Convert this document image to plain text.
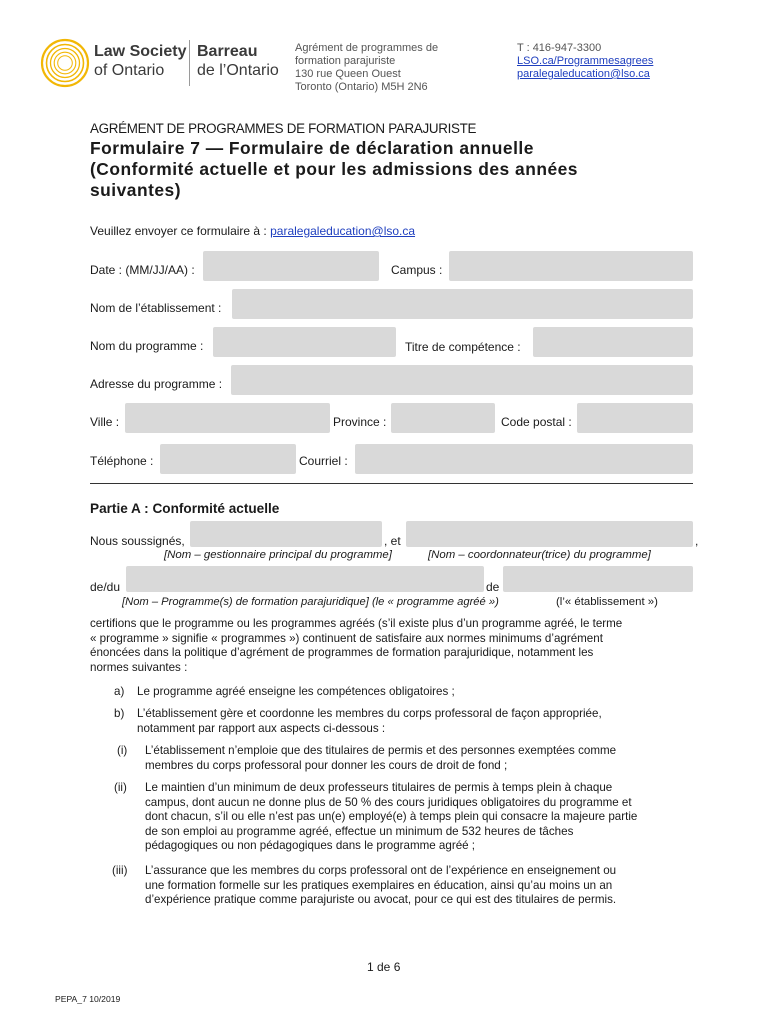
Law Society
of Ontario
Barreau
de l’Ontario
Agrément de programmes de
formation parajuriste
130 rue Queen Ouest
Toronto (Ontario) M5H 2N6
T : 416-947-3300
LSO.ca/Programmesagrees
paralegaleducation@lso.ca
AGRÉMENT DE PROGRAMMES DE FORMATION PARAJURISTE
Formulaire 7 — Formulaire de déclaration annuelle
(Conformité actuelle et pour les admissions des années
suivantes)
Veuillez envoyer ce formulaire à : paralegaleducation@lso.ca
Date : (MM/JJ/AA) :	Campus :
Nom de l’établissement :
Nom du programme :	Titre de compétence :
Adresse du programme :
Ville :	Province :	Code postal :
Téléphone :	Courriel :
Partie A : Conformité actuelle
Nous soussignés,	, et	,
[Nom – gestionnaire principal du programme]	[Nom – coordonnateur(trice) du programme]
de/du	de
[Nom – Programme(s) de formation parajuridique] (le « programme agréé »)	(l’« établissement »)
certifions que le programme ou les programmes agréés (s’il existe plus d’un programme agréé, le terme
« programme » signifie « programmes ») continuent de satisfaire aux normes minimums d’agrément
énoncées dans la politique d’agrément de programmes de formation parajuridique, notamment les
normes suivantes :
a) Le programme agréé enseigne les compétences obligatoires ;
b) L’établissement gère et coordonne les membres du corps professoral de façon appropriée,
notamment par rapport aux aspects ci-dessous :
(i) L’établissement n’emploie que des titulaires de permis et des personnes exemptées comme
membres du corps professoral pour donner les cours de droit de fond ;
(ii) Le maintien d’un minimum de deux professeurs titulaires de permis à temps plein à chaque
campus, dont aucun ne donne plus de 50 % des cours juridiques obligatoires du programme et
dont chacun, s’il ou elle n’est pas un(e) employé(e) à temps plein qui consacre la majeure partie
de son emploi au programme agréé, effectue un minimum de 532 heures de tâches
pédagogiques ou non pédagogiques dans le programme agréé ;
(iii) L’assurance que les membres du corps professoral ont de l’expérience en enseignement ou
une formation formelle sur les pratiques exemplaires en éducation, ainsi qu’au moins un an
d’expérience pratique comme parajuriste ou avocat, pour ce qui est des titulaires de permis.
1 de 6
PEPA_7 10/2019
